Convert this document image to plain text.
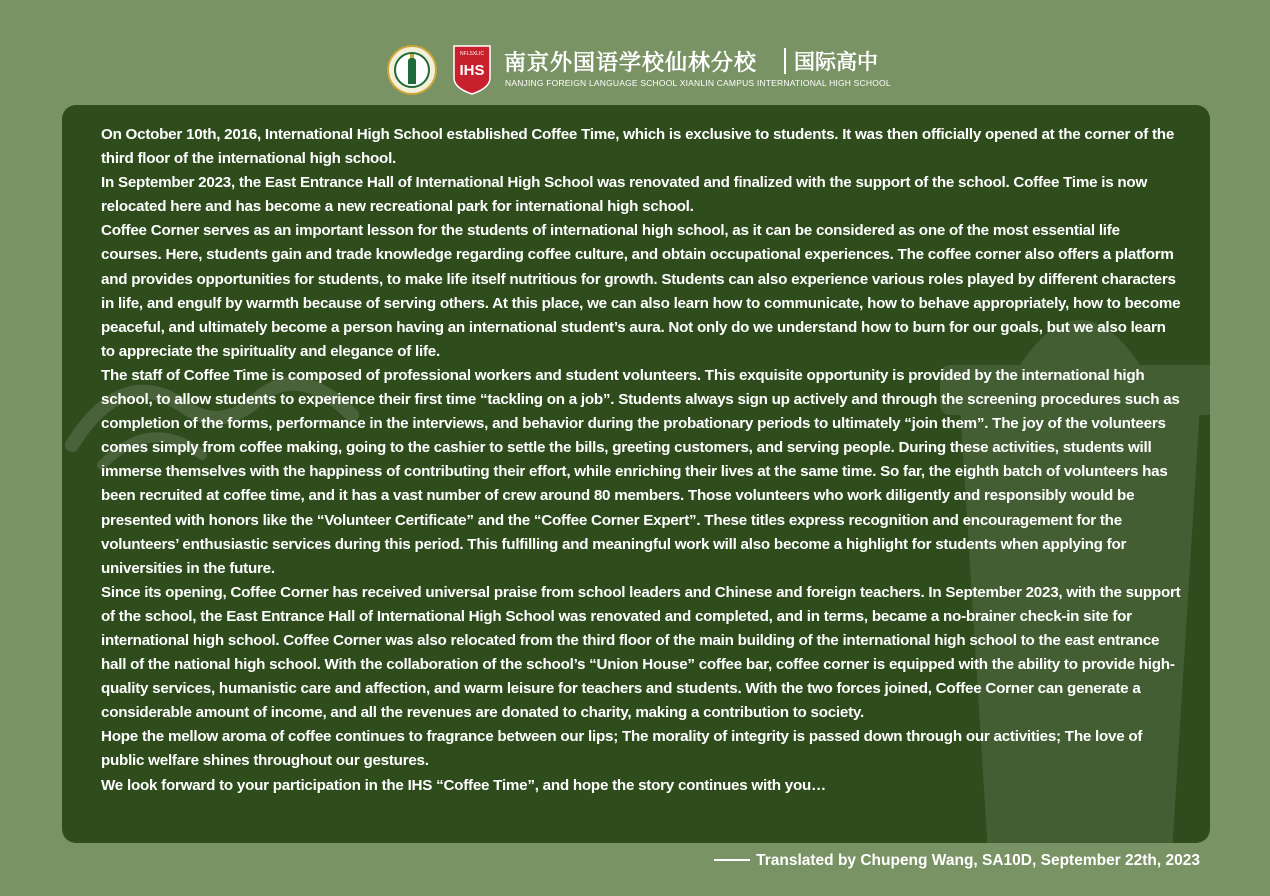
NFLSXLIC
IHS 南京外国语学校仙林分校 国际高中
NANJING FOREIGN LANGUAGE SCHOOL XIANLIN CAMPUS INTERNATIONAL HIGH SCHOOL

On October 10th, 2016, International High School established Coffee Time, which is exclusive to students. It was then officially opened at the corner of the third floor of the international high school.

In September 2023, the East Entrance Hall of International High School was renovated and finalized with the support of the school. Coffee Time is now relocated here and has become a new recreational park for international high school.

Coffee Corner serves as an important lesson for the students of international high school, as it can be considered as one of the most essential life courses. Here, students gain and trade knowledge regarding coffee culture, and obtain occupational experiences. The coffee corner also offers a platform and provides opportunities for students, to make life itself nutritious for growth. Students can also experience various roles played by different characters in life, and engulf by warmth because of serving others. At this place, we can also learn how to communicate, how to behave appropriately, how to become peaceful, and ultimately become a person having an international student’s aura. Not only do we understand how to burn for our goals, but we also learn to appreciate the spirituality and elegance of life.

The staff of Coffee Time is composed of professional workers and student volunteers. This exquisite opportunity is provided by the international high school, to allow students to experience their first time “tackling on a job”. Students always sign up actively and through the screening procedures such as completion of the forms, performance in the interviews, and behavior during the probationary periods to ultimately “join them”. The joy of the volunteers comes simply from coffee making, going to the cashier to settle the bills, greeting customers, and serving people. During these activities, students will immerse themselves with the happiness of contributing their effort, while enriching their lives at the same time. So far, the eighth batch of volunteers has been recruited at coffee time, and it has a vast number of crew around 80 members. Those volunteers who work diligently and responsibly would be presented with honors like the “Volunteer Certificate” and the “Coffee Corner Expert”. These titles express recognition and encouragement for the volunteers’ enthusiastic services during this period. This fulfilling and meaningful work will also become a highlight for students when applying for universities in the future.

Since its opening, Coffee Corner has received universal praise from school leaders and Chinese and foreign teachers. In September 2023, with the support of the school, the East Entrance Hall of International High School was renovated and completed, and in terms, became a no-brainer check-in site for international high school. Coffee Corner was also relocated from the third floor of the main building of the international high school to the east entrance hall of the national high school. With the collaboration of the school’s “Union House” coffee bar, coffee corner is equipped with the ability to provide high-quality services, humanistic care and affection, and warm leisure for teachers and students. With the two forces joined, Coffee Corner can generate a considerable amount of income, and all the revenues are donated to charity, making a contribution to society.

Hope the mellow aroma of coffee continues to fragrance between our lips; The morality of integrity is passed down through our activities; The love of public welfare shines throughout our gestures.

We look forward to your participation in the IHS “Coffee Time”, and hope the story continues with you…

Translated by Chupeng Wang, SA10D, September 22th, 2023
